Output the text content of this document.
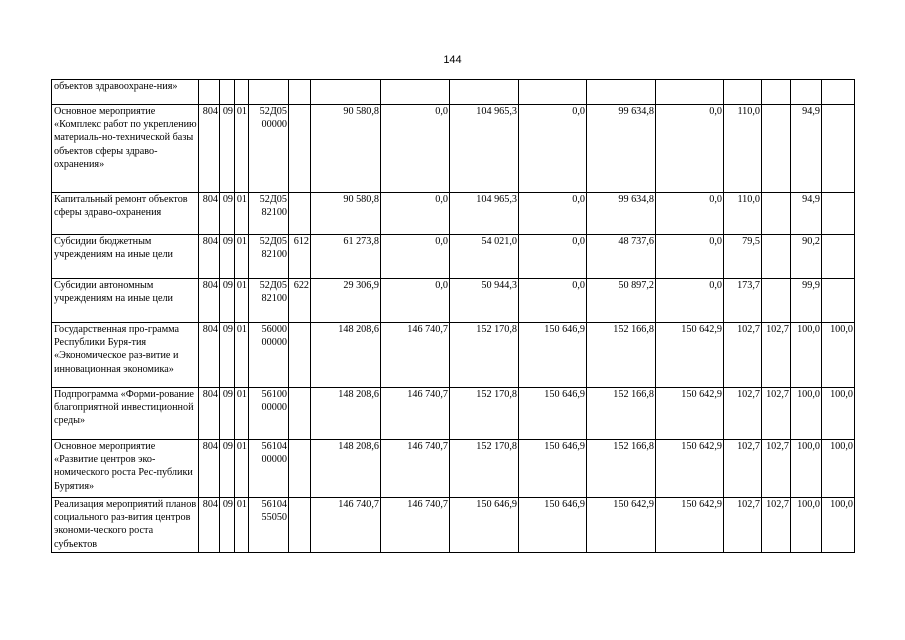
144
объектов здравоохране-ния»															
Основное мероприятие «Комплекс работ по укреплению материаль-но-технической базы объектов сферы здраво-охранения»	804	09	01	52Д05 00000		90 580,8	0,0	104 965,3	0,0	99 634,8	0,0	110,0		94,9	
Капитальный ремонт объектов сферы здраво-охранения	804	09	01	52Д05 82100		90 580,8	0,0	104 965,3	0,0	99 634,8	0,0	110,0		94,9	
Субсидии бюджетным учреждениям на иные цели	804	09	01	52Д05 82100	612	61 273,8	0,0	54 021,0	0,0	48 737,6	0,0	79,5		90,2	
Субсидии автономным учреждениям на иные цели	804	09	01	52Д05 82100	622	29 306,9	0,0	50 944,3	0,0	50 897,2	0,0	173,7		99,9	
Государственная про-грамма Республики Буря-тия «Экономическое раз-витие и инновационная экономика»	804	09	01	56000 00000		148 208,6	146 740,7	152 170,8	150 646,9	152 166,8	150 642,9	102,7	102,7	100,0	100,0
Подпрограмма «Форми-рование благоприятной инвестиционной среды»	804	09	01	56100 00000		148 208,6	146 740,7	152 170,8	150 646,9	152 166,8	150 642,9	102,7	102,7	100,0	100,0
Основное мероприятие «Развитие центров эко-номического роста Рес-публики Бурятия»	804	09	01	56104 00000		148 208,6	146 740,7	152 170,8	150 646,9	152 166,8	150 642,9	102,7	102,7	100,0	100,0
Реализация мероприятий планов социального раз-вития центров экономи-ческого роста субъектов	804	09	01	56104 55050		146 740,7	146 740,7	150 646,9	150 646,9	150 642,9	150 642,9	102,7	102,7	100,0	100,0
